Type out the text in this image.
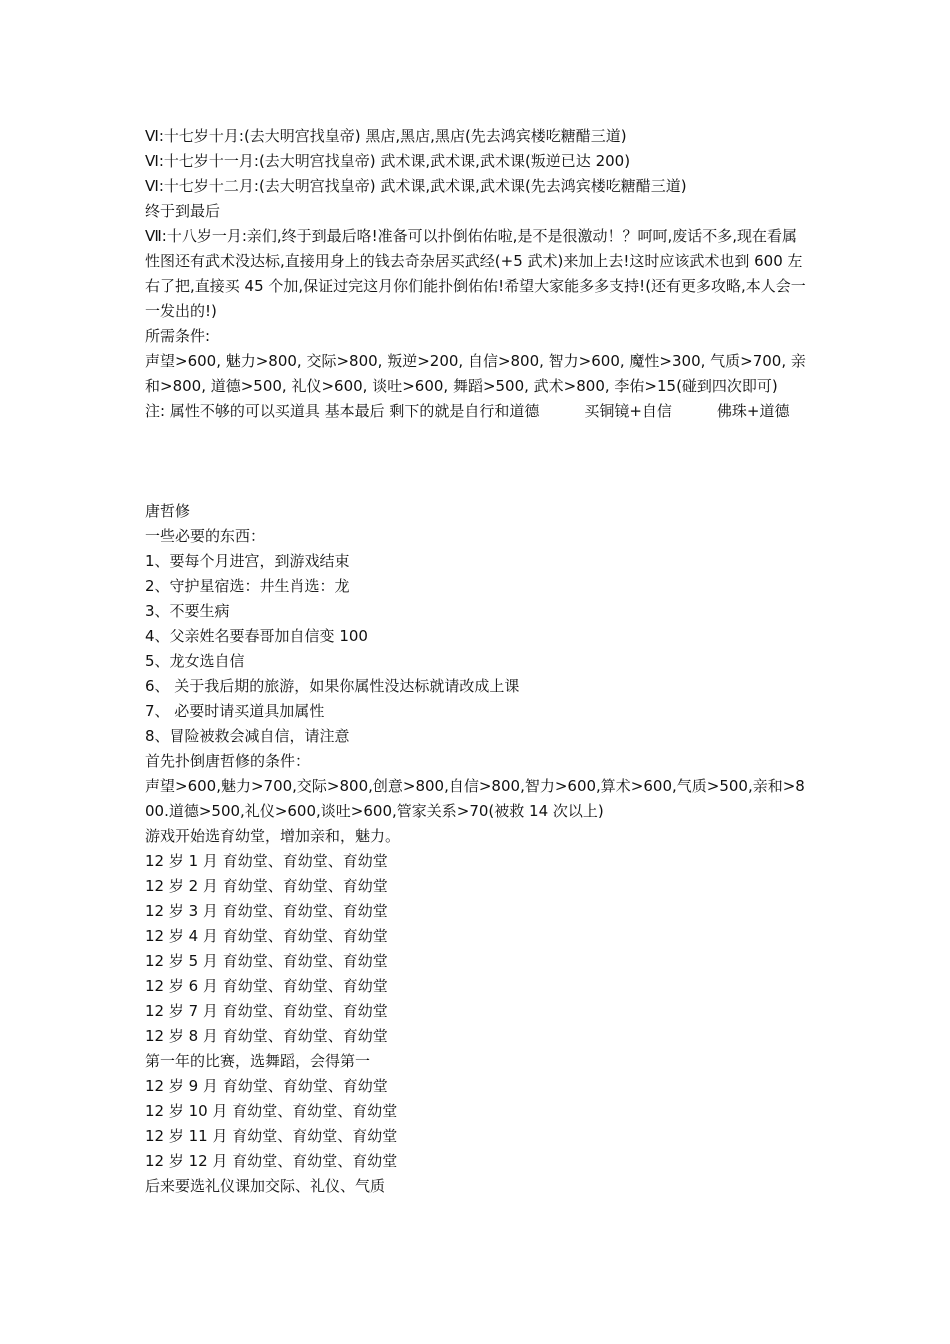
Ⅵ:十七岁十月:(去大明宫找皇帝) 黑店,黑店,黑店(先去鸿宾楼吃糖醋三道)
Ⅵ:十七岁十一月:(去大明宫找皇帝) 武术课,武术课,武术课(叛逆已达 200)
Ⅵ:十七岁十二月:(去大明宫找皇帝) 武术课,武术课,武术课(先去鸿宾楼吃糖醋三道)
终于到最后
Ⅶ:十八岁一月:亲们,终于到最后咯!准备可以扑倒佑佑啦,是不是很激动！？呵呵,废话不多,现在看属性图还有武术没达标,直接用身上的钱去奇杂居买武经(+5 武术)来加上去!这时应该武术也到 600 左右了把,直接买 45 个加,保证过完这月你们能扑倒佑佑!希望大家能多多支持!(还有更多攻略,本人会一一发出的!)
所需条件:
声望>600, 魅力>800, 交际>800, 叛逆>200, 自信>800, 智力>600, 魔性>300, 气质>700, 亲和>800, 道德>500, 礼仪>600, 谈吐>600, 舞蹈>500, 武术>800, 李佑>15(碰到四次即可)
注: 属性不够的可以买道具 基本最后 剩下的就是自行和道德　　　买铜镜+自信　　　佛珠+道德
唐哲修
一些必要的东西：
1、要每个月进宫，到游戏结束
2、守护星宿选：井生肖选：龙
3、不要生病
4、父亲姓名要春哥加自信变 100
5、龙女选自信
6、 关于我后期的旅游，如果你属性没达标就请改成上课
7、 必要时请买道具加属性
8、冒险被救会减自信，请注意
首先扑倒唐哲修的条件：
声望>600,魅力>700,交际>800,创意>800,自信>800,智力>600,算术>600,气质>500,亲和>800.道德>500,礼仪>600,谈吐>600,管家关系>70(被救 14 次以上)
游戏开始选育幼堂，增加亲和，魅力。
12 岁 1 月 育幼堂、育幼堂、育幼堂
12 岁 2 月 育幼堂、育幼堂、育幼堂
12 岁 3 月 育幼堂、育幼堂、育幼堂
12 岁 4 月 育幼堂、育幼堂、育幼堂
12 岁 5 月 育幼堂、育幼堂、育幼堂
12 岁 6 月 育幼堂、育幼堂、育幼堂
12 岁 7 月 育幼堂、育幼堂、育幼堂
12 岁 8 月 育幼堂、育幼堂、育幼堂
第一年的比赛，选舞蹈，会得第一
12 岁 9 月 育幼堂、育幼堂、育幼堂
12 岁 10 月 育幼堂、育幼堂、育幼堂
12 岁 11 月 育幼堂、育幼堂、育幼堂
12 岁 12 月 育幼堂、育幼堂、育幼堂
后来要选礼仪课加交际、礼仪、气质
